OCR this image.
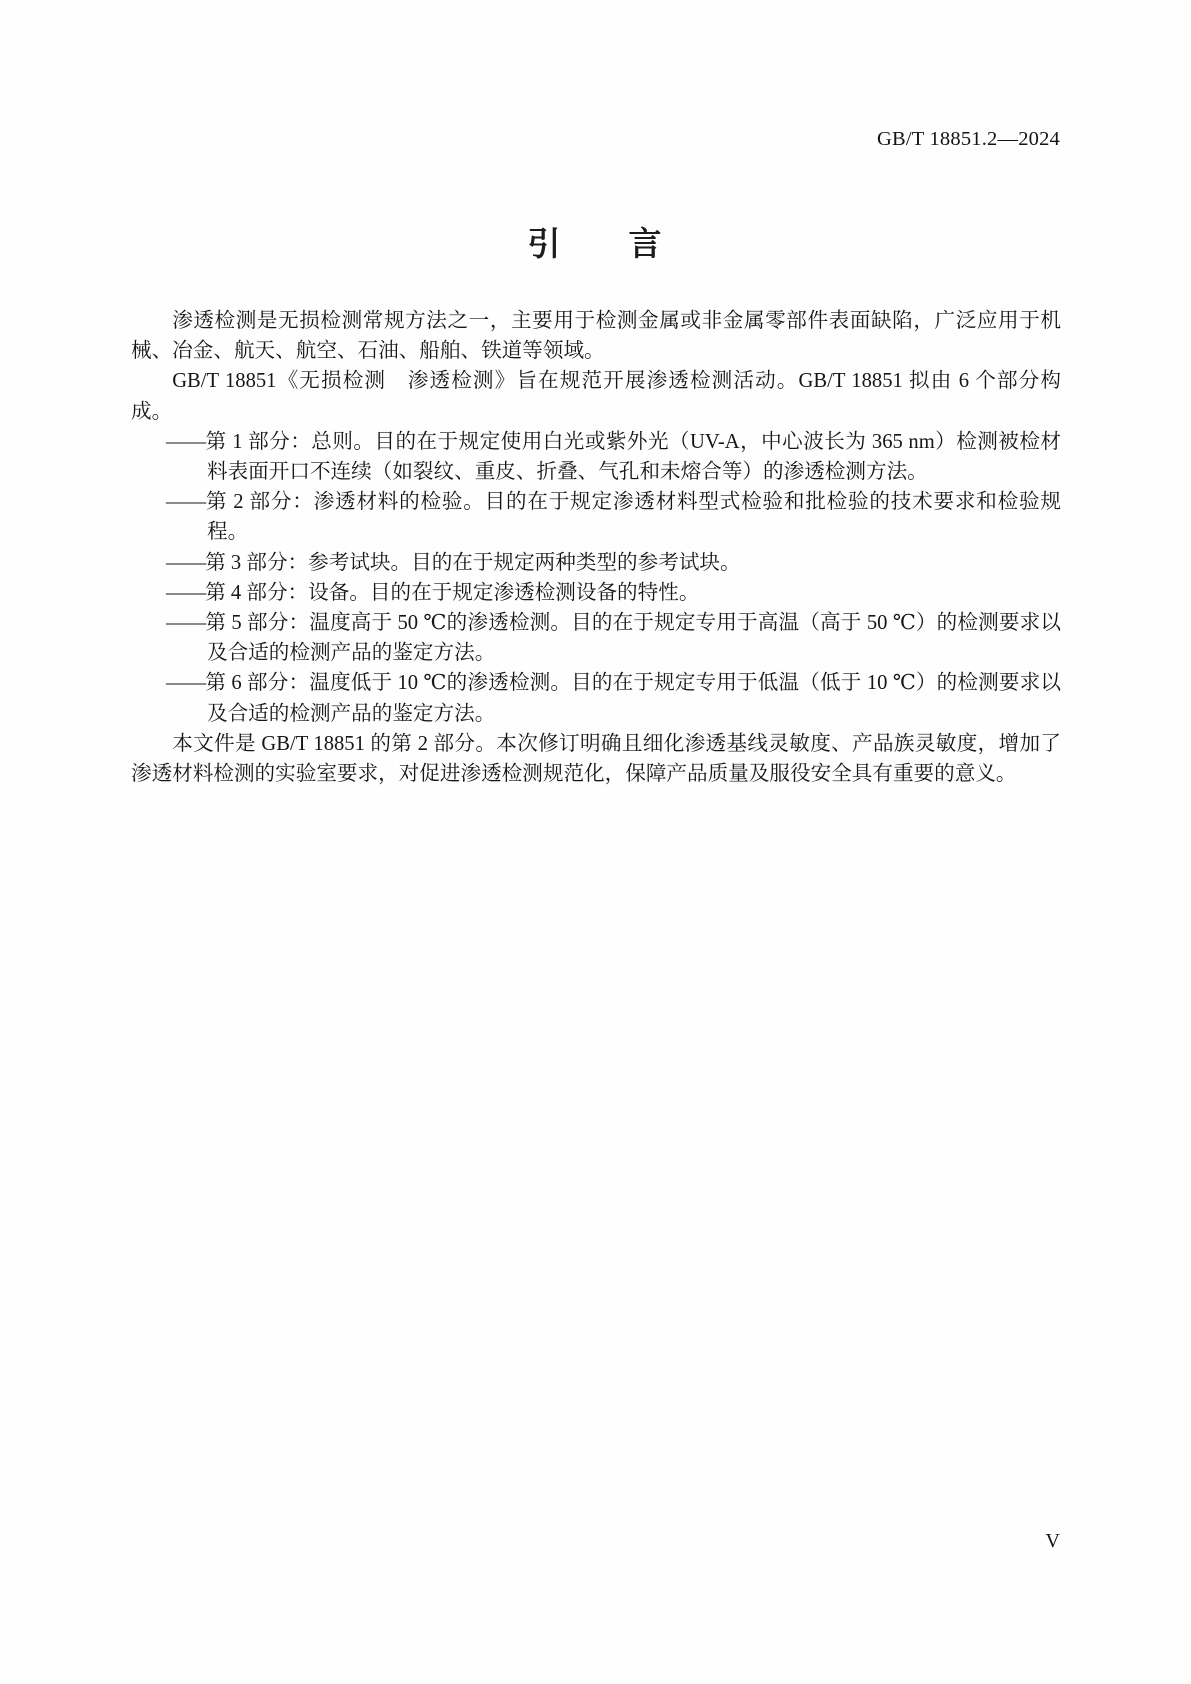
GB/T 18851.2—2024
引 言

渗透检测是无损检测常规方法之一，主要用于检测金属或非金属零部件表面缺陷，广泛应用于机械、冶金、航天、航空、石油、船舶、铁道等领域。

GB/T 18851《无损检测　渗透检测》旨在规范开展渗透检测活动。GB/T 18851 拟由 6 个部分构成。

——第 1 部分：总则。目的在于规定使用白光或紫外光（UV-A，中心波长为 365 nm）检测被检材料表面开口不连续（如裂纹、重皮、折叠、气孔和未熔合等）的渗透检测方法。

——第 2 部分：渗透材料的检验。目的在于规定渗透材料型式检验和批检验的技术要求和检验规程。

——第 3 部分：参考试块。目的在于规定两种类型的参考试块。

——第 4 部分：设备。目的在于规定渗透检测设备的特性。

——第 5 部分：温度高于 50 ℃的渗透检测。目的在于规定专用于高温（高于 50 ℃）的检测要求以及合适的检测产品的鉴定方法。

——第 6 部分：温度低于 10 ℃的渗透检测。目的在于规定专用于低温（低于 10 ℃）的检测要求以及合适的检测产品的鉴定方法。

本文件是 GB/T 18851 的第 2 部分。本次修订明确且细化渗透基线灵敏度、产品族灵敏度，增加了渗透材料检测的实验室要求，对促进渗透检测规范化，保障产品质量及服役安全具有重要的意义。

V
